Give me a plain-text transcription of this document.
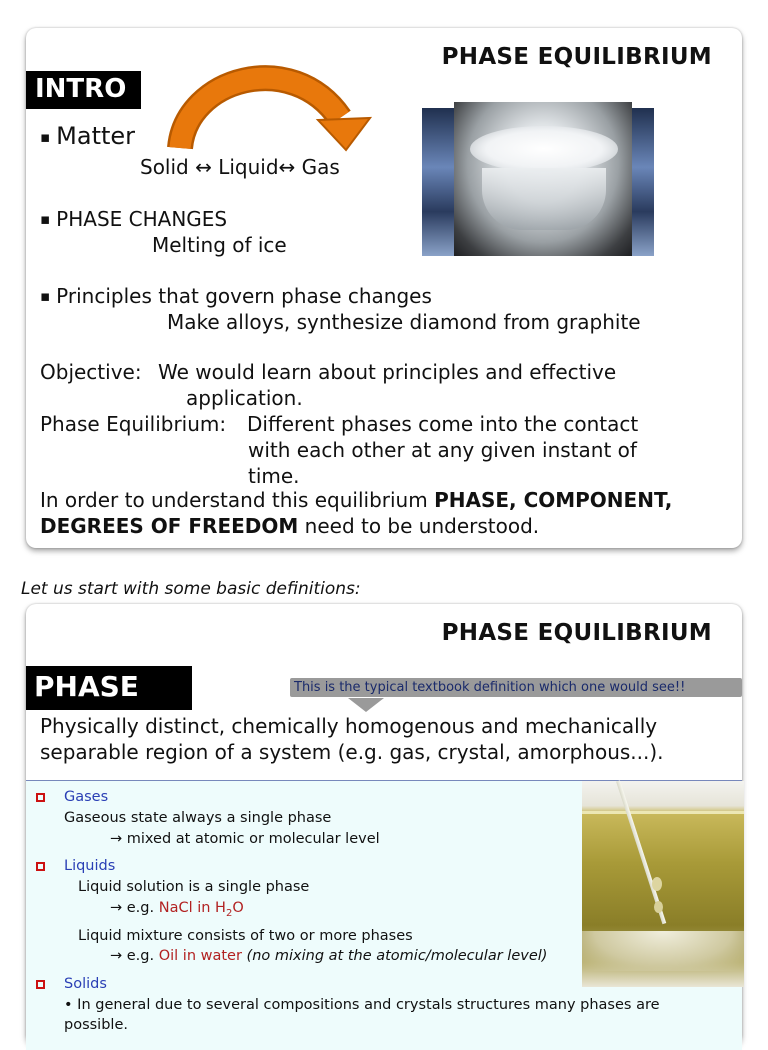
PHASE EQUILIBRIUM
INTRO
▪ Matter
Solid ↔ Liquid↔ Gas
▪ PHASE CHANGES
Melting of ice
▪ Principles that govern phase changes
Make alloys, synthesize diamond from graphite
Objective: We would learn about principles and effective
application.
Phase Equilibrium: Different phases come into the contact
with each other at any given instant of
time.
In order to understand this equilibrium PHASE, COMPONENT,
DEGREES OF FREEDOM need to be understood.
Let us start with some basic definitions:
PHASE EQUILIBRIUM
PHASE	This is the typical textbook definition which one would see!!
Physically distinct, chemically homogenous and mechanically
separable region of a system (e.g. gas, crystal, amorphous...).
Gases
Gaseous state always a single phase
→ mixed at atomic or molecular level
Liquids
Liquid solution is a single phase
→ e.g. NaCl in $H_2O$
Liquid mixture consists of two or more phases
→ e.g. Oil in water (no mixing at the atomic/molecular level)
Solids
• In general due to several compositions and crystals structures many phases are
possible.
